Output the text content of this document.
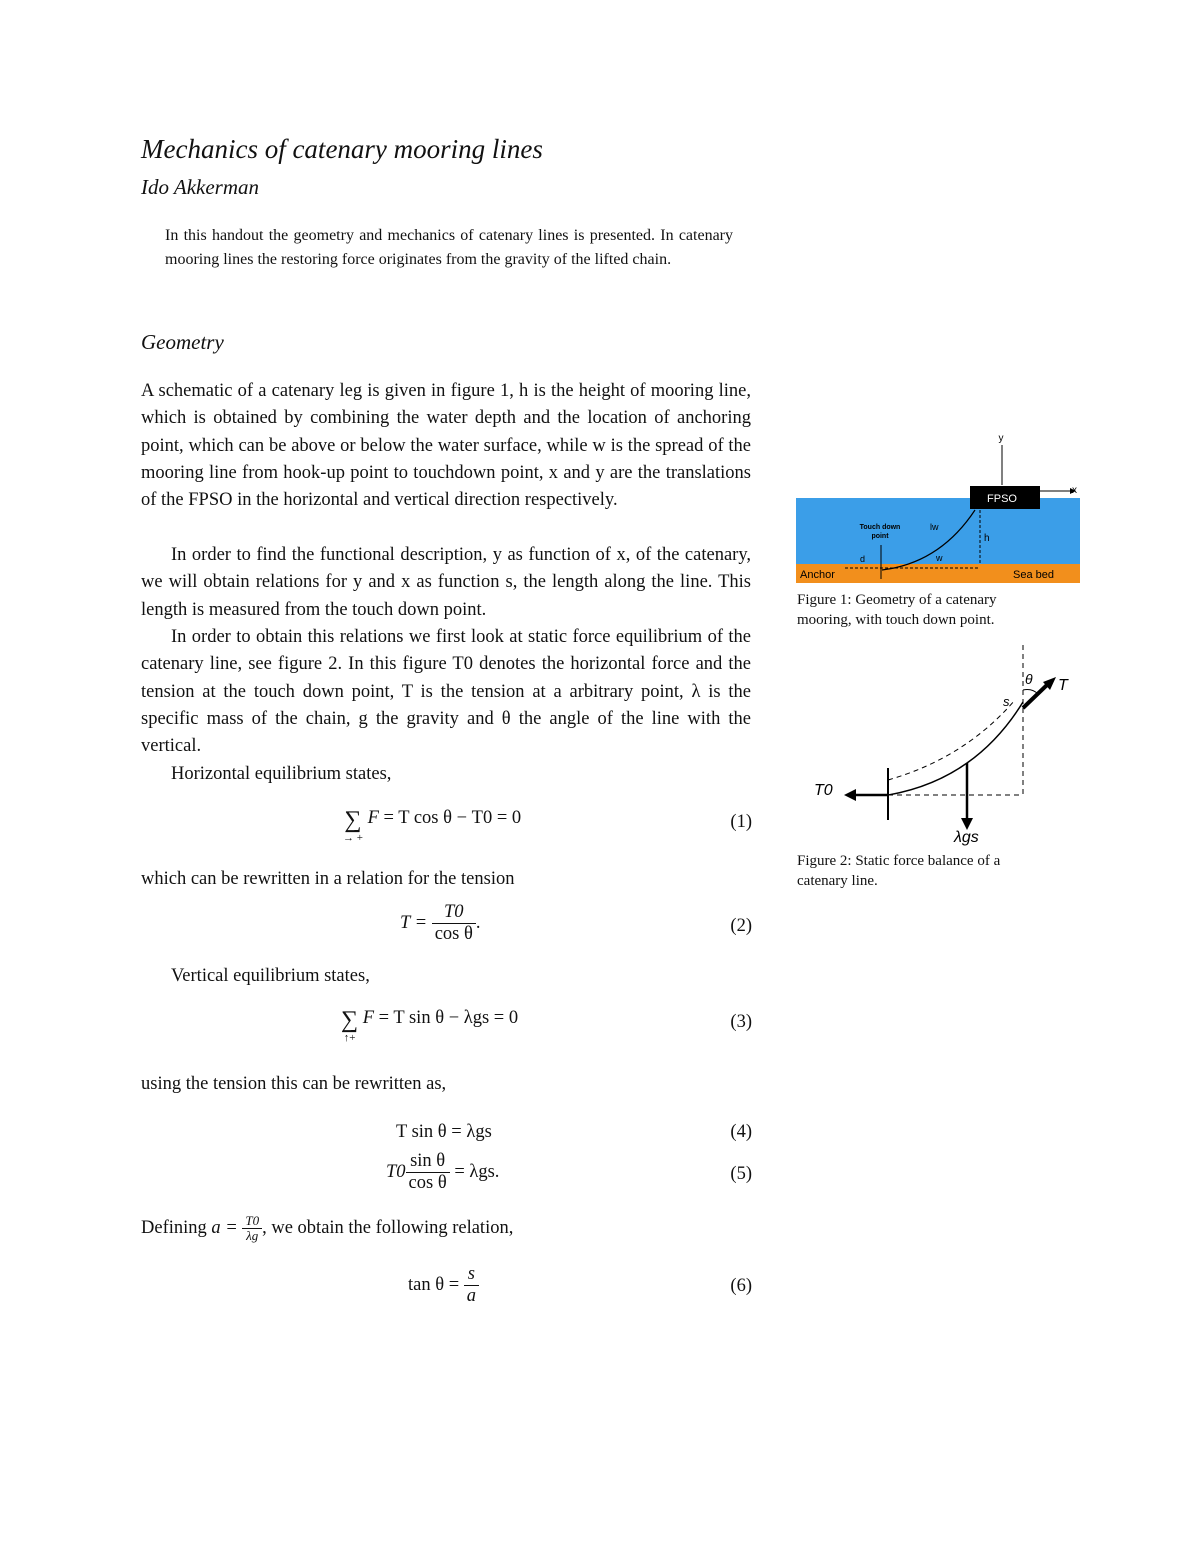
Mechanics of catenary mooring lines
Ido Akkerman
In this handout the geometry and mechanics of catenary lines is presented. In catenary mooring lines the restoring force originates from the gravity of the lifted chain.
Geometry
A schematic of a catenary leg is given in figure 1, h is the height of mooring line, which is obtained by combining the water depth and the location of anchoring point, which can be above or below the water surface, while w is the spread of the mooring line from hook-up point to touchdown point, x and y are the translations of the FPSO in the horizontal and vertical direction respectively.
In order to find the functional description, y as function of x, of the catenary, we will obtain relations for y and x as function s, the length along the line. This length is measured from the touch down point.
In order to obtain this relations we first look at static force equilibrium of the catenary line, see figure 2. In this figure T0 denotes the horizontal force and the tension at the touch down point, T is the tension at a arbitrary point, λ is the specific mass of the chain, g the gravity and θ the angle of the line with the vertical.
Horizontal equilibrium states,
∑
→ +
F = T cos θ − T0 = 0	(1)
which can be rewritten in a relation for the tension
$T = \frac{T0}{\text{cos θ}}$ .	(2)
Vertical equilibrium states,
∑
↑+
F = T sin θ − λgs = 0	(3)
using the tension this can be rewritten as,
T sin θ = λgs	(4)
$T0 \frac{\text{sin θ}}{\text{cos θ}} = \lambda gs$.	(5)
Defining $a = \frac{T0}{\lambda g}$ , we obtain the following relation,
$\tan \theta = \frac{s}{a}$	(6)
y
x
FPSO
Touch down
point
lw
h
d	w
Anchor	Sea bed
Figure 1: Geometry of a catenary mooring, with touch down point.
T
T0
s
θ
λgs
Figure 2: Static force balance of a catenary line.
